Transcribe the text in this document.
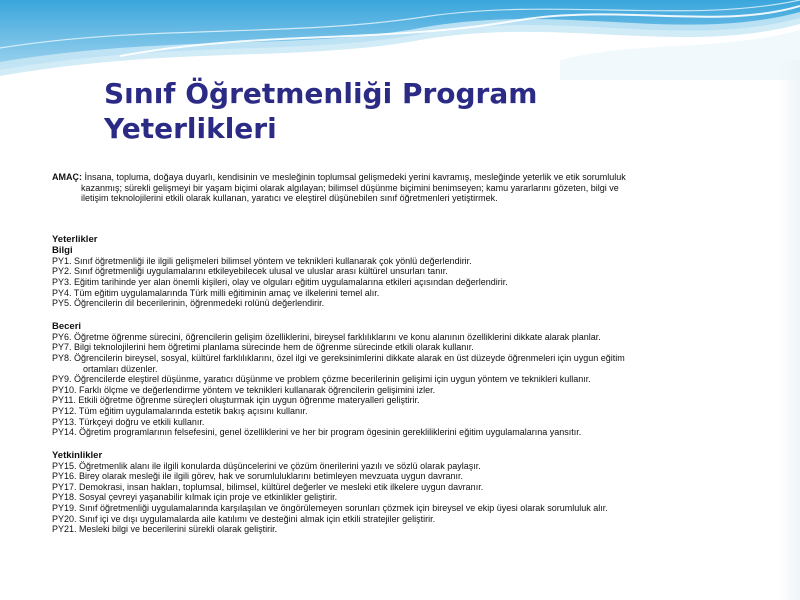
Sınıf Öğretmenliği Program
Yeterlikleri

AMAÇ: İnsana, topluma, doğaya duyarlı, kendisinin ve mesleğinin toplumsal gelişmedeki yerini kavramış, mesleğinde yeterlik ve etik sorumluluk
kazanmış; sürekli gelişmeyi bir yaşam biçimi olarak algılayan; bilimsel düşünme biçimini benimseyen; kamu yararlarını gözeten, bilgi ve
iletişim teknolojilerini etkili olarak kullanan, yaratıcı ve eleştirel düşünebilen sınıf öğretmenleri yetiştirmek.

Yeterlikler

Bilgi

PY1. Sınıf öğretmenliği ile ilgili gelişmeleri bilimsel yöntem ve teknikleri kullanarak çok yönlü değerlendirir.

PY2. Sınıf öğretmenliği uygulamalarını etkileyebilecek ulusal ve uluslar arası kültürel unsurları tanır.

PY3. Eğitim tarihinde yer alan önemli kişileri, olay ve olguları eğitim uygulamalarına etkileri açısından değerlendirir.

PY4. Tüm eğitim uygulamalarında Türk milli eğitiminin amaç ve ilkelerini temel alır.

PY5. Öğrencilerin dil becerilerinin, öğrenmedeki rolünü değerlendirir.

Beceri

PY6. Öğretme öğrenme sürecini, öğrencilerin gelişim özelliklerini, bireysel farklılıklarını ve konu alanının özelliklerini dikkate alarak planlar.

PY7. Bilgi teknolojilerini hem öğretimi planlama sürecinde hem de öğrenme sürecinde etkili olarak kullanır.

PY8. Öğrencilerin bireysel, sosyal, kültürel farklılıklarını, özel ilgi ve gereksinimlerini dikkate alarak en üst düzeyde öğrenmeleri için uygun eğitim
ortamları düzenler.

PY9. Öğrencilerde eleştirel düşünme, yaratıcı düşünme ve problem çözme becerilerinin gelişimi için uygun yöntem ve teknikleri kullanır.

PY10. Farklı ölçme ve değerlendirme yöntem ve teknikleri kullanarak öğrencilerin gelişimini izler.

PY11. Etkili öğretme öğrenme süreçleri oluşturmak için uygun öğrenme materyalleri geliştirir.

PY12. Tüm eğitim uygulamalarında estetik bakış açısını kullanır.

PY13. Türkçeyi doğru ve etkili kullanır.

PY14. Öğretim programlarının felsefesini, genel özelliklerini ve her bir program ögesinin gerekliliklerini eğitim uygulamalarına yansıtır.

Yetkinlikler

PY15. Öğretmenlik alanı ile ilgili konularda düşüncelerini ve çözüm önerilerini yazılı ve sözlü olarak paylaşır.

PY16. Birey olarak mesleği ile ilgili görev, hak ve sorumluluklarını betimleyen mevzuata uygun davranır.

PY17. Demokrasi, insan hakları, toplumsal, bilimsel, kültürel değerler ve mesleki etik ilkelere uygun davranır.

PY18. Sosyal çevreyi yaşanabilir kılmak için proje ve etkinlikler geliştirir.

PY19. Sınıf öğretmenliği uygulamalarında karşılaşılan ve öngörülemeyen sorunları çözmek için bireysel ve ekip üyesi olarak sorumluluk alır.

PY20. Sınıf içi ve dışı uygulamalarda aile katılımı ve desteğini almak için etkili stratejiler geliştirir.

PY21. Mesleki bilgi ve becerilerini sürekli olarak geliştirir.
